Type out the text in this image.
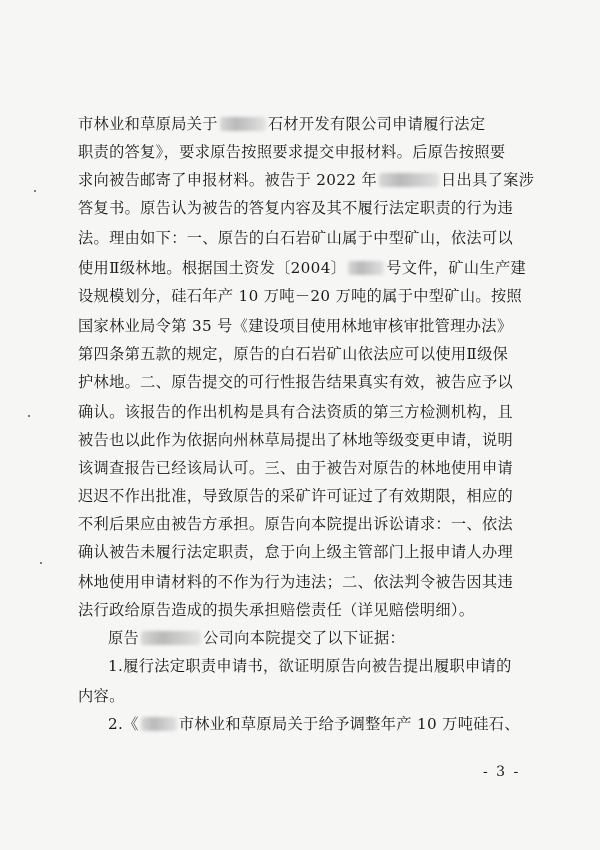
市林业和草原局关于	石材开发有限公司申请履行法定
职责的答复》，要求原告按照要求提交申报材料。后原告按照要
求向被告邮寄了申报材料。被告于 2022 年	日出具了案涉
答复书。原告认为被告的答复内容及其不履行法定职责的行为违
法。理由如下：一、原告的白石岩矿山属于中型矿山，依法可以
使用Ⅱ级林地。根据国土资发〔2004〕	号文件，矿山生产建
设规模划分，硅石年产 10 万吨－20 万吨的属于中型矿山。按照
国家林业局令第 35 号《建设项目使用林地审核审批管理办法》
第四条第五款的规定，原告的白石岩矿山依法应可以使用Ⅱ级保
护林地。二、原告提交的可行性报告结果真实有效，被告应予以
确认。该报告的作出机构是具有合法资质的第三方检测机构，且
被告也以此作为依据向州林草局提出了林地等级变更申请，说明
该调查报告已经该局认可。三、由于被告对原告的林地使用申请
迟迟不作出批准，导致原告的采矿许可证过了有效期限，相应的
不利后果应由被告方承担。原告向本院提出诉讼请求：一、依法
确认被告未履行法定职责，怠于向上级主管部门上报申请人办理
林地使用申请材料的不作为行为违法；二、依法判令被告因其违
法行政给原告造成的损失承担赔偿责任（详见赔偿明细）。
原告	公司向本院提交了以下证据：
1.履行法定职责申请书，欲证明原告向被告提出履职申请的
内容。
2.《	市林业和草原局关于给予调整年产 10 万吨硅石、
- 3 -
